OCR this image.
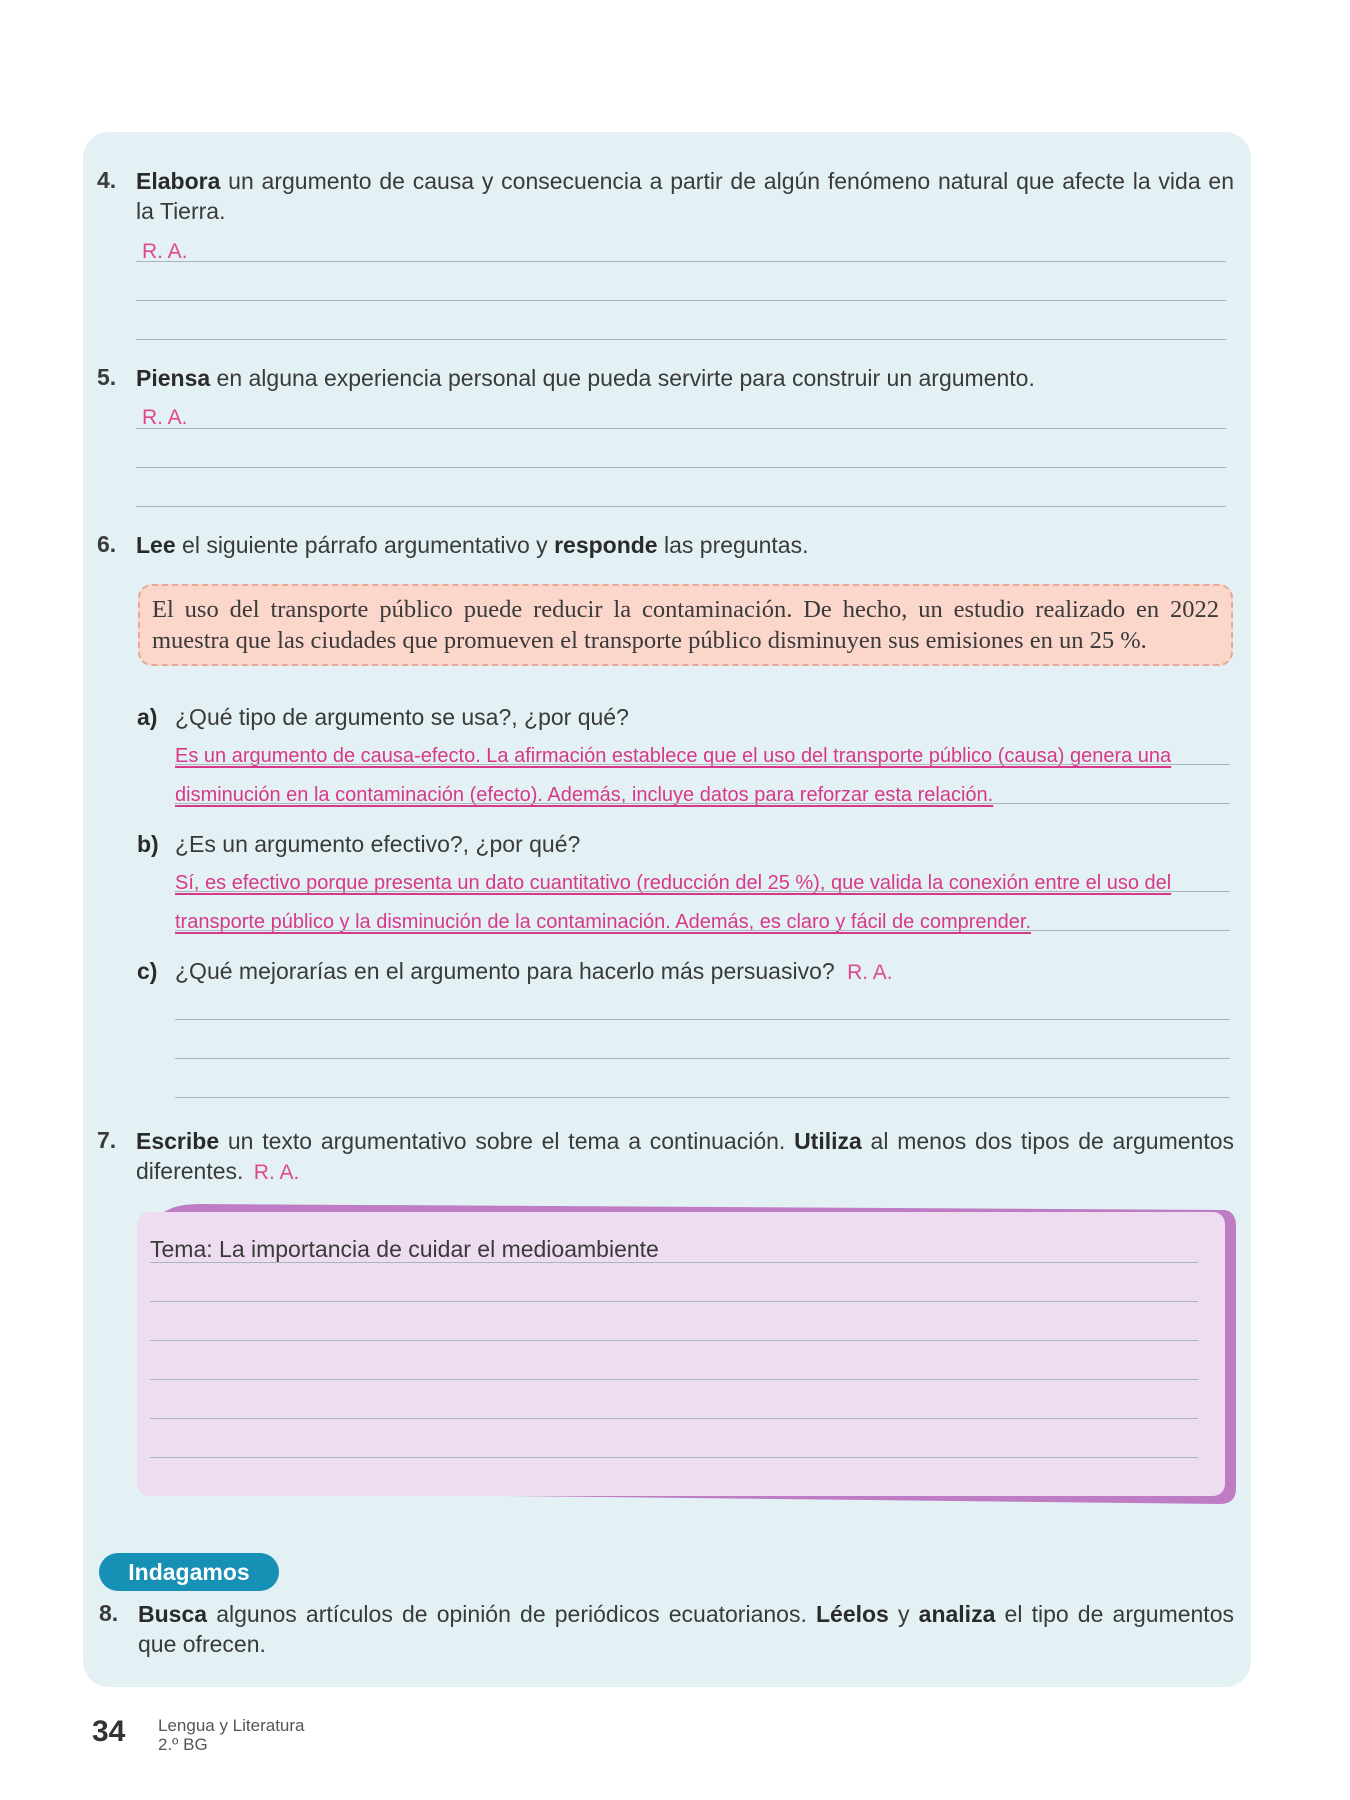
4. Elabora un argumento de causa y consecuencia a partir de algún fenómeno natural que afecte la vida en la Tierra.
R. A.
5. Piensa en alguna experiencia personal que pueda servirte para construir un argumento.
R. A.
6. Lee el siguiente párrafo argumentativo y responde las preguntas.
El uso del transporte público puede reducir la contaminación. De hecho, un estudio realizado en 2022 muestra que las ciudades que promueven el transporte público disminuyen sus emisiones en un 25 %.
a) ¿Qué tipo de argumento se usa?, ¿por qué?
Es un argumento de causa-efecto. La afirmación establece que el uso del transporte público (causa) genera una
disminución en la contaminación (efecto). Además, incluye datos para reforzar esta relación.
b) ¿Es un argumento efectivo?, ¿por qué?
Sí, es efectivo porque presenta un dato cuantitativo (reducción del 25 %), que valida la conexión entre el uso del
transporte público y la disminución de la contaminación. Además, es claro y fácil de comprender.
c) ¿Qué mejorarías en el argumento para hacerlo más persuasivo? R. A.
7. Escribe un texto argumentativo sobre el tema a continuación. Utiliza al menos dos tipos de argumentos diferentes. R. A.
Tema: La importancia de cuidar el medioambiente
Indagamos
8. Busca algunos artículos de opinión de periódicos ecuatorianos. Léelos y analiza el tipo de argumentos que ofrecen.
34 Lengua y Literatura
2.º BG
